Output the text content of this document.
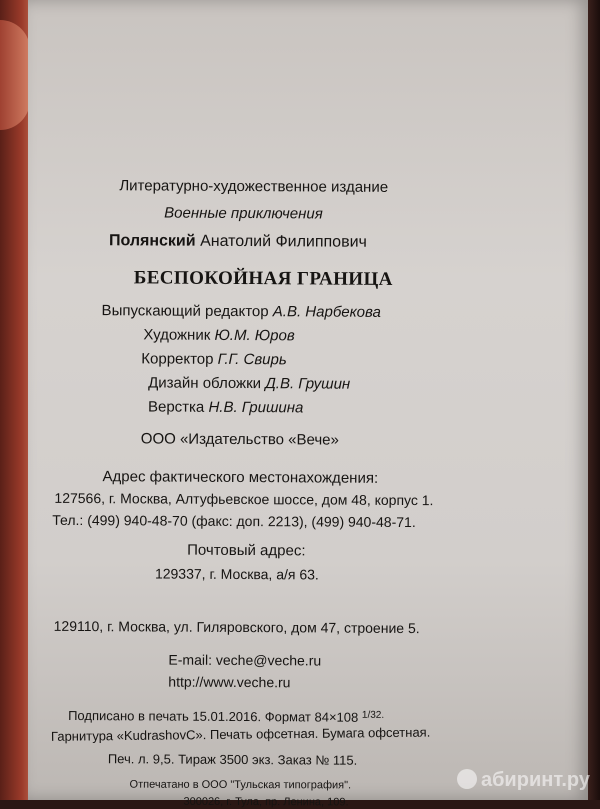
Литературно-художественное издание

Военные приключения

Полянский Анатолий Филиппович

БЕСПОКОЙНАЯ ГРАНИЦА

Выпускающий редактор А.В. Нарбекова

Художник Ю.М. Юров

Корректор Г.Г. Свирь

Дизайн обложки Д.В. Грушин

Верстка Н.В. Гришина

ООО «Издательство «Вече»

Адрес фактического местонахождения:

127566, г. Москва, Алтуфьевское шоссе, дом 48, корпус 1.

Тел.: (499) 940-48-70 (факс: доп. 2213), (499) 940-48-71.

Почтовый адрес:

129337, г. Москва, а/я 63.

129110, г. Москва, ул. Гиляровского, дом 47, строение 5.

E-mail: veche@veche.ru

http://www.veche.ru

Подписано в печать 15.01.2016. Формат 84×108 $^{1/32.}$

Гарнитура «KudrashovC». Печать офсетная. Бумага офсетная.

Печ. л. 9,5. Тираж 3500 экз. Заказ № 115.

Отпечатано в ООО "Тульская типография".

300026, г. Тула, пр. Ленина, 109.

абиринт.ру
